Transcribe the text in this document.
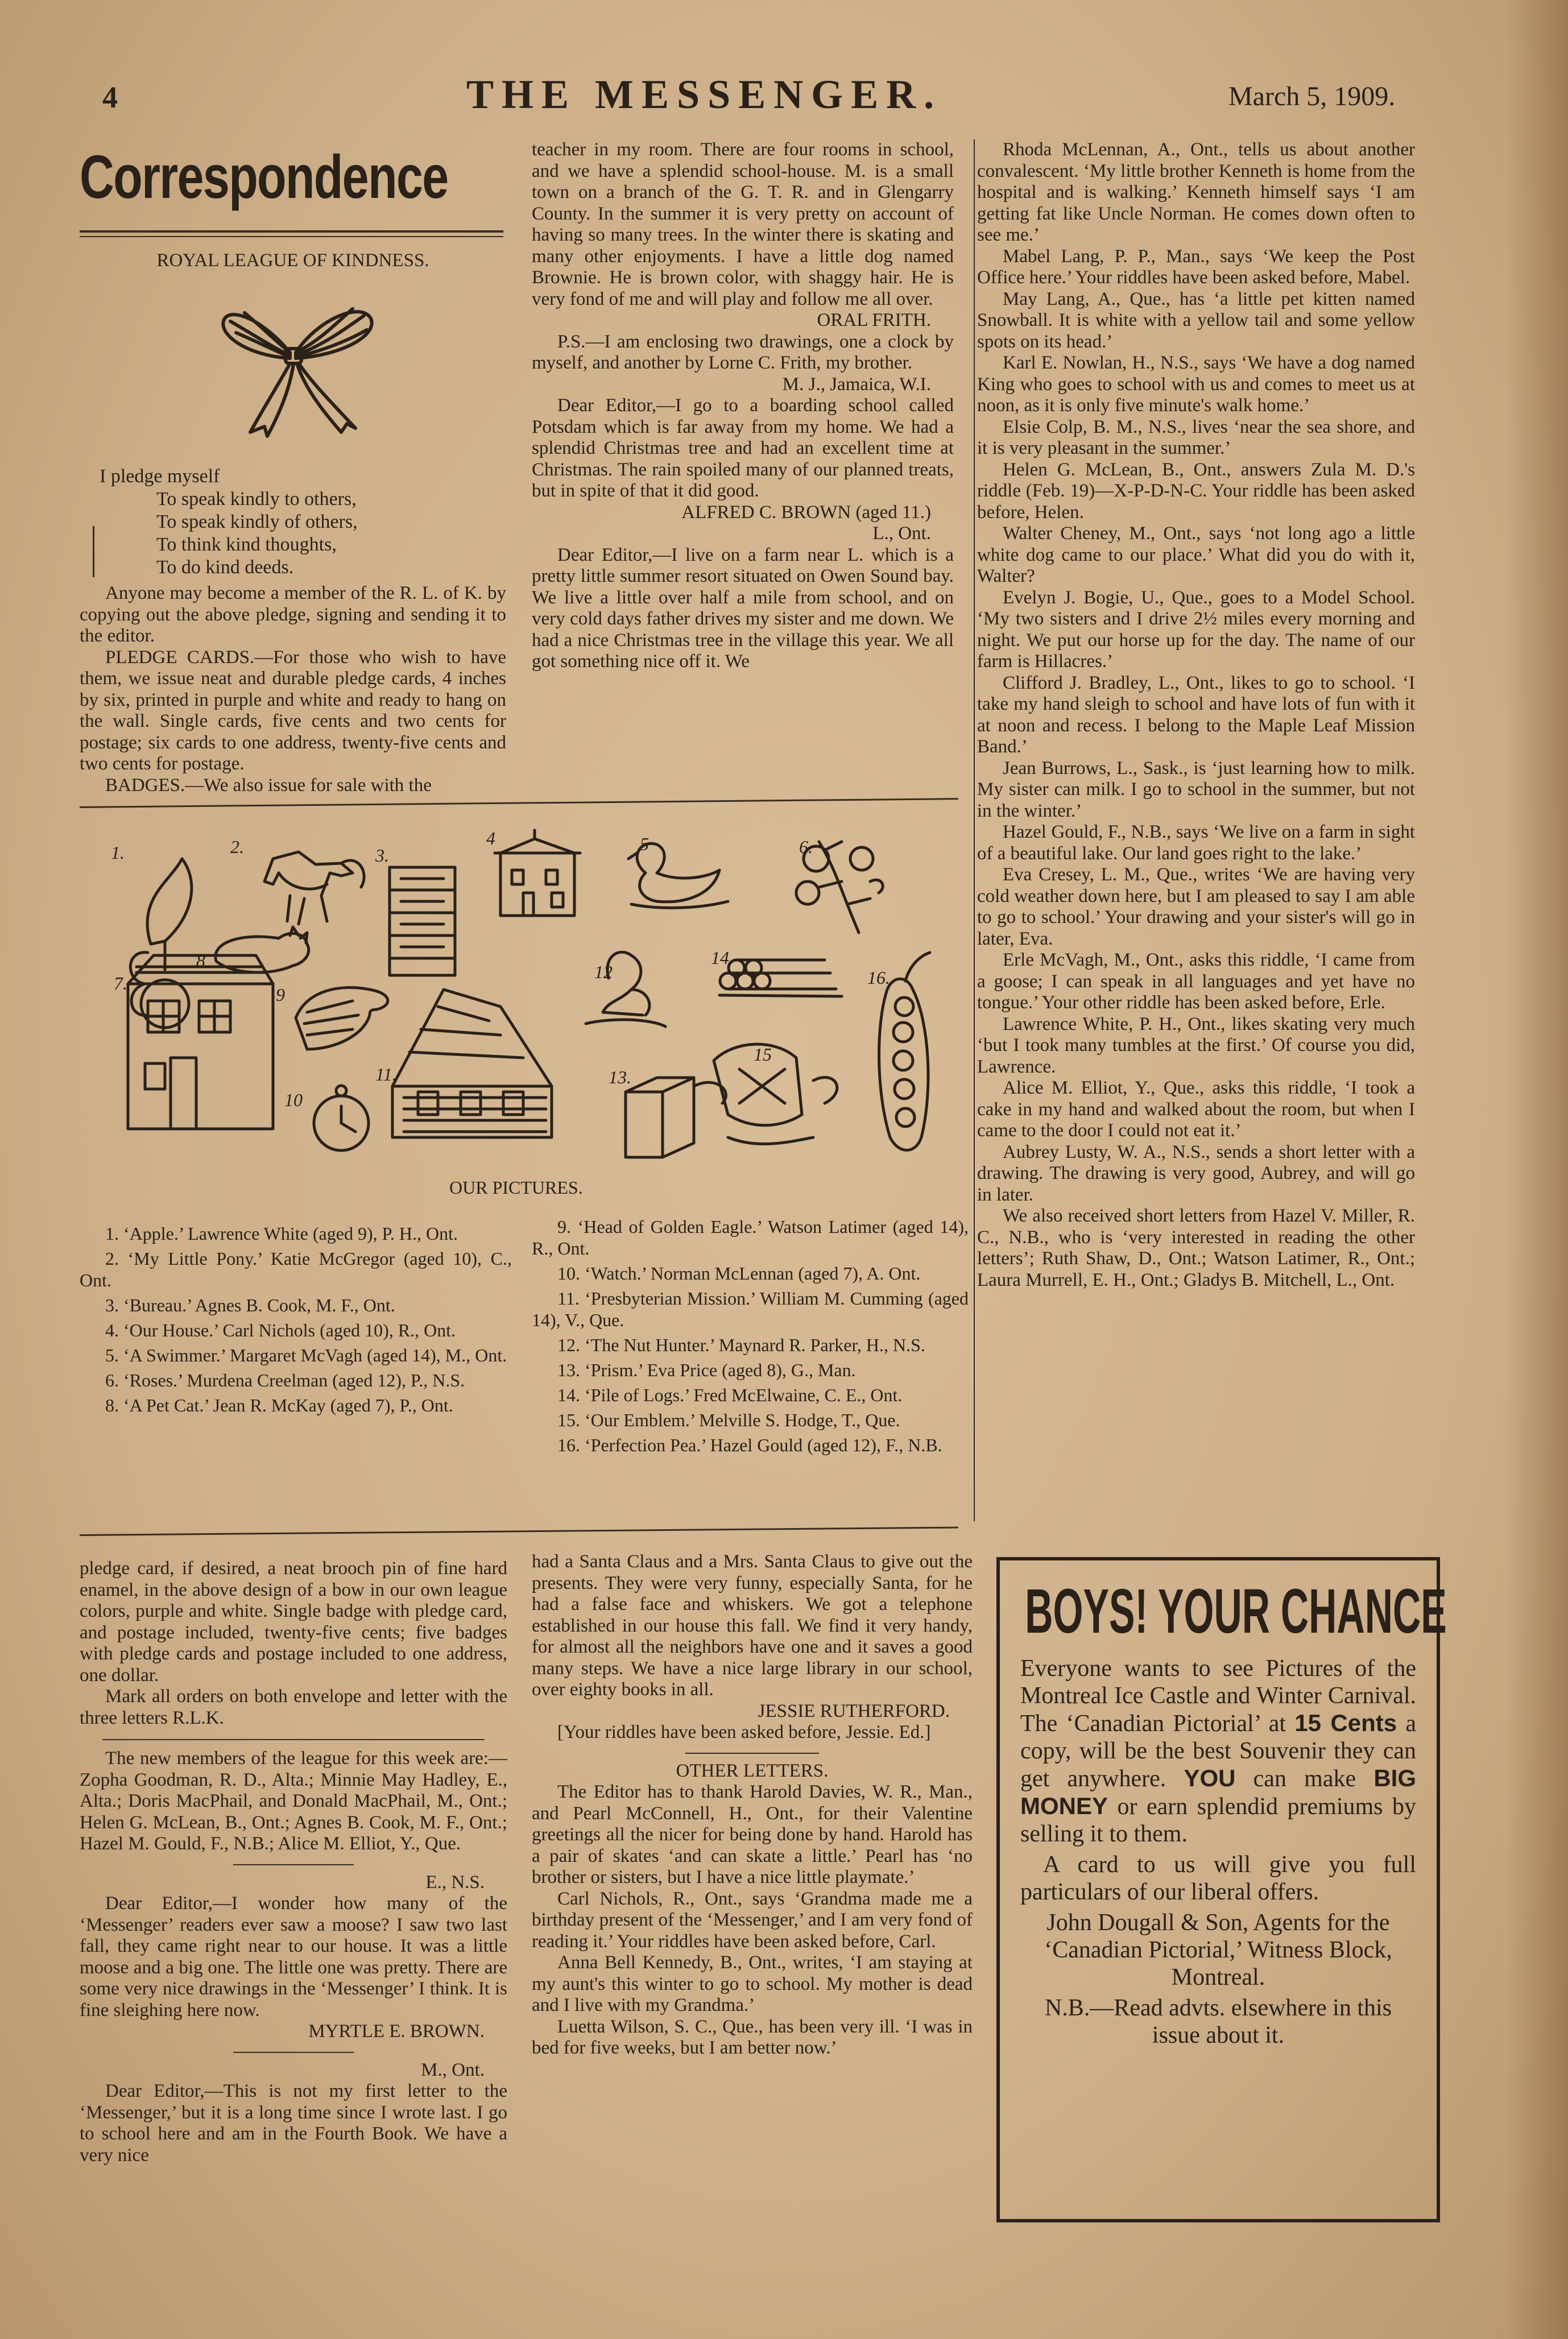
4	THE MESSENGER.	March 5, 1909.
Correspondence
ROYAL LEAGUE OF KINDNESS.
I pledge myself
To speak kindly to others,
To speak kindly of others,
To think kind thoughts,
To do kind deeds.

Anyone may become a member of the R. L. of K. by copying out the above pledge, signing and sending it to the editor.

PLEDGE CARDS.—For those who wish to have them, we issue neat and durable pledge cards, 4 inches by six, printed in purple and white and ready to hang on the wall. Single cards, five cents and two cents for postage; six cards to one address, twenty-five cents and two cents for postage.

BADGES.—We also issue for sale with the

teacher in my room. There are four rooms in school, and we have a splendid school-house. M. is a small town on a branch of the G. T. R. and in Glengarry County. In the summer it is very pretty on account of having so many trees. In the winter there is skating and many other enjoyments. I have a little dog named Brownie. He is brown color, with shaggy hair. He is very fond of me and will play and follow me all over.

ORAL FRITH.

P.S.—I am enclosing two drawings, one a clock by myself, and another by Lorne C. Frith, my brother.

M. J., Jamaica, W.I.

Dear Editor,—I go to a boarding school called Potsdam which is far away from my home. We had a splendid Christmas tree and had an excellent time at Christmas. The rain spoiled many of our planned treats, but in spite of that it did good.

ALFRED C. BROWN (aged 11.)

L., Ont.

Dear Editor,—I live on a farm near L. which is a pretty little summer resort situated on Owen Sound bay. We live a little over half a mile from school, and on very cold days father drives my sister and me down. We had a nice Christmas tree in the village this year. We all got something nice off it. We

Rhoda McLennan, A., Ont., tells us about another convalescent. ‘My little brother Kenneth is home from the hospital and is walking.’ Kenneth himself says ‘I am getting fat like Uncle Norman. He comes down often to see me.’

Mabel Lang, P. P., Man., says ‘We keep the Post Office here.’ Your riddles have been asked before, Mabel.

May Lang, A., Que., has ‘a little pet kitten named Snowball. It is white with a yellow tail and some yellow spots on its head.’

Karl E. Nowlan, H., N.S., says ‘We have a dog named King who goes to school with us and comes to meet us at noon, as it is only five minute's walk home.’

Elsie Colp, B. M., N.S., lives ‘near the sea shore, and it is very pleasant in the summer.’

Helen G. McLean, B., Ont., answers Zula M. D.'s riddle (Feb. 19)—X-P-D-N-C. Your riddle has been asked before, Helen.

Walter Cheney, M., Ont., says ‘not long ago a little white dog came to our place.’ What did you do with it, Walter?

Evelyn J. Bogie, U., Que., goes to a Model School. ‘My two sisters and I drive 2½ miles every morning and night. We put our horse up for the day. The name of our farm is Hillacres.’

Clifford J. Bradley, L., Ont., likes to go to school. ‘I take my hand sleigh to school and have lots of fun with it at noon and recess. I belong to the Maple Leaf Mission Band.’

Jean Burrows, L., Sask., is ‘just learning how to milk. My sister can milk. I go to school in the summer, but not in the winter.’

Hazel Gould, F., N.B., says ‘We live on a farm in sight of a beautiful lake. Our land goes right to the lake.’

Eva Cresey, L. M., Que., writes ‘We are having very cold weather down here, but I am pleased to say I am able to go to school.’ Your drawing and your sister's will go in later, Eva.

Erle McVagh, M., Ont., asks this riddle, ‘I came from a goose; I can speak in all languages and yet have no tongue.’ Your other riddle has been asked before, Erle.

Lawrence White, P. H., Ont., likes skating very much ‘but I took many tumbles at the first.’ Of course you did, Lawrence.

Alice M. Elliot, Y., Que., asks this riddle, ‘I took a cake in my hand and walked about the room, but when I came to the door I could not eat it.’

Aubrey Lusty, W. A., N.S., sends a short letter with a drawing. The drawing is very good, Aubrey, and will go in later.

We also received short letters from Hazel V. Miller, R. C., N.B., who is ‘very interested in reading the other letters’; Ruth Shaw, D., Ont.; Watson Latimer, R., Ont.; Laura Murrell, E. H., Ont.; Gladys B. Mitchell, L., Ont.

1.	2.	3.
4	5	6.
7.
8
9
10
11.
12
13.
14
15
16.
OUR PICTURES.

1. ‘Apple.’ Lawrence White (aged 9), P. H., Ont.

2. ‘My Little Pony.’ Katie McGregor (aged 10), C., Ont.

3. ‘Bureau.’ Agnes B. Cook, M. F., Ont.

4. ‘Our House.’ Carl Nichols (aged 10), R., Ont.

5. ‘A Swimmer.’ Margaret McVagh (aged 14), M., Ont.

6. ‘Roses.’ Murdena Creelman (aged 12), P., N.S.

8. ‘A Pet Cat.’ Jean R. McKay (aged 7), P., Ont.

9. ‘Head of Golden Eagle.’ Watson Latimer (aged 14), R., Ont.

10. ‘Watch.’ Norman McLennan (aged 7), A. Ont.

11. ‘Presbyterian Mission.’ William M. Cumming (aged 14), V., Que.

12. ‘The Nut Hunter.’ Maynard R. Parker, H., N.S.

13. ‘Prism.’ Eva Price (aged 8), G., Man.

14. ‘Pile of Logs.’ Fred McElwaine, C. E., Ont.

15. ‘Our Emblem.’ Melville S. Hodge, T., Que.

16. ‘Perfection Pea.’ Hazel Gould (aged 12), F., N.B.

pledge card, if desired, a neat brooch pin of fine hard enamel, in the above design of a bow in our own league colors, purple and white. Single badge with pledge card, and postage included, twenty-five cents; five badges with pledge cards and postage included to one address, one dollar.

Mark all orders on both envelope and letter with the three letters R.L.K.

The new members of the league for this week are:—Zopha Goodman, R. D., Alta.; Minnie May Hadley, E., Alta.; Doris MacPhail, and Donald MacPhail, M., Ont.; Helen G. McLean, B., Ont.; Agnes B. Cook, M. F., Ont.; Hazel M. Gould, F., N.B.; Alice M. Elliot, Y., Que.

E., N.S.

Dear Editor,—I wonder how many of the ‘Messenger’ readers ever saw a moose? I saw two last fall, they came right near to our house. It was a little moose and a big one. The little one was pretty. There are some very nice drawings in the ‘Messenger’ I think. It is fine sleighing here now.

MYRTLE E. BROWN.

M., Ont.

Dear Editor,—This is not my first letter to the ‘Messenger,’ but it is a long time since I wrote last. I go to school here and am in the Fourth Book. We have a very nice

had a Santa Claus and a Mrs. Santa Claus to give out the presents. They were very funny, especially Santa, for he had a false face and whiskers. We got a telephone established in our house this fall. We find it very handy, for almost all the neighbors have one and it saves a good many steps. We have a nice large library in our school, over eighty books in all.

JESSIE RUTHERFORD.

[Your riddles have been asked before, Jessie. Ed.]

OTHER LETTERS.

The Editor has to thank Harold Davies, W. R., Man., and Pearl McConnell, H., Ont., for their Valentine greetings all the nicer for being done by hand. Harold has a pair of skates ‘and can skate a little.’ Pearl has ‘no brother or sisters, but I have a nice little playmate.’

Carl Nichols, R., Ont., says ‘Grandma made me a birthday present of the ‘Messenger,’ and I am very fond of reading it.’ Your riddles have been asked before, Carl.

Anna Bell Kennedy, B., Ont., writes, ‘I am staying at my aunt's this winter to go to school. My mother is dead and I live with my Grandma.’

Luetta Wilson, S. C., Que., has been very ill. ‘I was in bed for five weeks, but I am better now.’

BOYS! YOUR CHANCE

Everyone wants to see Pictures of the Montreal Ice Castle and Winter Carnival. The ‘Canadian Pictorial’ at 15 Cents a copy, will be the best Souvenir they can get anywhere. YOU can make BIG MONEY or earn splendid premiums by selling it to them.

A card to us will give you full particulars of our liberal offers.

John Dougall & Son, Agents for the ‘Canadian Pictorial,’ Witness Block, Montreal.

N.B.—Read advts. elsewhere in this issue about it.
